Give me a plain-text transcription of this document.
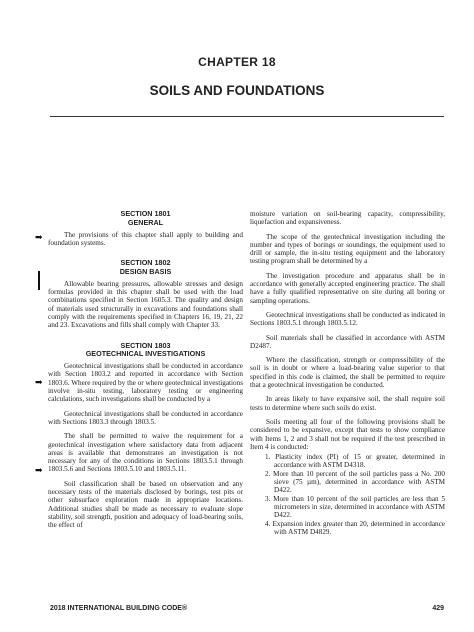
CHAPTER 18
SOILS AND FOUNDATIONS
➡
➡
➡
SECTION 1801
GENERAL

The provisions of this chapter shall apply to building and foundation systems.

SECTION 1802
DESIGN BASIS

Allowable bearing pressures, allowable stresses and design formulas provided in this chapter shall be used with the load combinations specified in Section 1605.3. The quality and design of materials used structurally in excavations and foundations shall comply with the requirements specified in Chapters 16, 19, 21, 22 and 23. Excavations and fills shall comply with Chapter 33.

SECTION 1803
GEOTECHNICAL INVESTIGATIONS

Geotechnical investigations shall be conducted in accordance with Section 1803.2 and reported in accordance with Section 1803.6. Where required by the or where geotechnical investigations involve in-situ testing, laboratory testing or engineering calculations, such investigations shall be conducted by a

Geotechnical investigations shall be conducted in accordance with Sections 1803.3 through 1803.5.

The shall be permitted to waive the requirement for a geotechnical investigation where satisfactory data from adjacent areas is available that demonstrates an investigation is not necessary for any of the conditions in Sections 1803.5.1 through 1803.5.6 and Sections 1803.5.10 and 1803.5.11.

Soil classification shall be based on observation and any necessary tests of the materials disclosed by borings, test pits or other subsurface exploration made in appropriate locations. Additional studies shall be made as necessary to evaluate slope stability, soil strength, position and adequacy of load-bearing soils, the effect of

moisture variation on soil-bearing capacity, compressibility, liquefaction and expansiveness.

The scope of the geotechnical investigation including the number and types of borings or soundings, the equipment used to drill or sample, the in-situ testing equipment and the laboratory testing program shall be determined by a

The investigation procedure and apparatus shall be in accordance with generally accepted engineering practice. The shall have a fully qualified representative on site during all boring or sampling operations.

Geotechnical investigations shall be conducted as indicated in Sections 1803.5.1 through 1803.5.12.

Soil materials shall be classified in accordance with ASTM D2487.

Where the classification, strength or compressibility of the soil is in doubt or where a load-bearing value superior to that specified in this code is claimed, the shall be permitted to require that a geotechnical investigation be conducted.

In areas likely to have expansive soil, the shall require soil tests to determine where such soils do exist.

Soils meeting all four of the following provisions shall be considered to be expansive, except that tests to show compliance with Items 1, 2 and 3 shall not be required if the test prescribed in Item 4 is conducted:

1. Plasticity index (PI) of 15 or greater, determined in accordance with ASTM D4318.
2. More than 10 percent of the soil particles pass a No. 200 sieve (75 µm), determined in accordance with ASTM D422.
3. More than 10 percent of the soil particles are less than 5 micrometers in size, determined in accordance with ASTM D422.
4. Expansion index greater than 20, determined in accordance with ASTM D4829.
2018 INTERNATIONAL BUILDING CODE®	429
